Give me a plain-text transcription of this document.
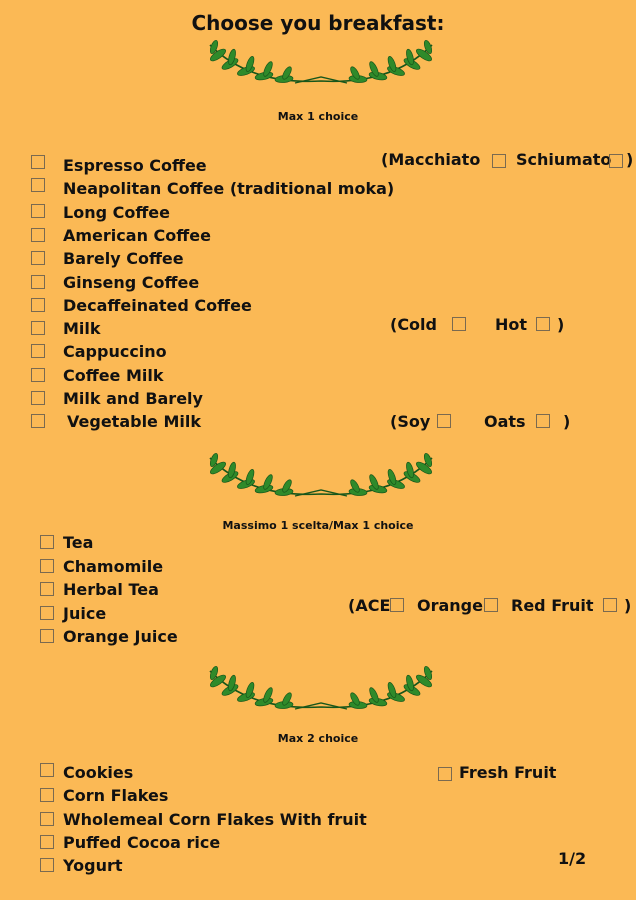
Choose you breakfast:
Max 1 choice
Espresso Coffee
Neapolitan Coffee (traditional moka)
Long Coffee
American Coffee
Barely Coffee
Ginseng Coffee
Decaffeinated Coffee
Milk
Cappuccino
Coffee Milk
Milk and Barely
Vegetable Milk
(Macchiato Schiumato )
(Cold	Hot )
(Soy	Oats )
Massimo 1 scelta/Max 1 choice
Tea
Chamomile
Herbal Tea
Juice
Orange Juice
(ACE Orange Red Fruit )
Max 2 choice
Cookies
Corn Flakes
Wholemeal Corn Flakes With fruit
Puffed Cocoa rice
Yogurt
Fresh Fruit
1/2
